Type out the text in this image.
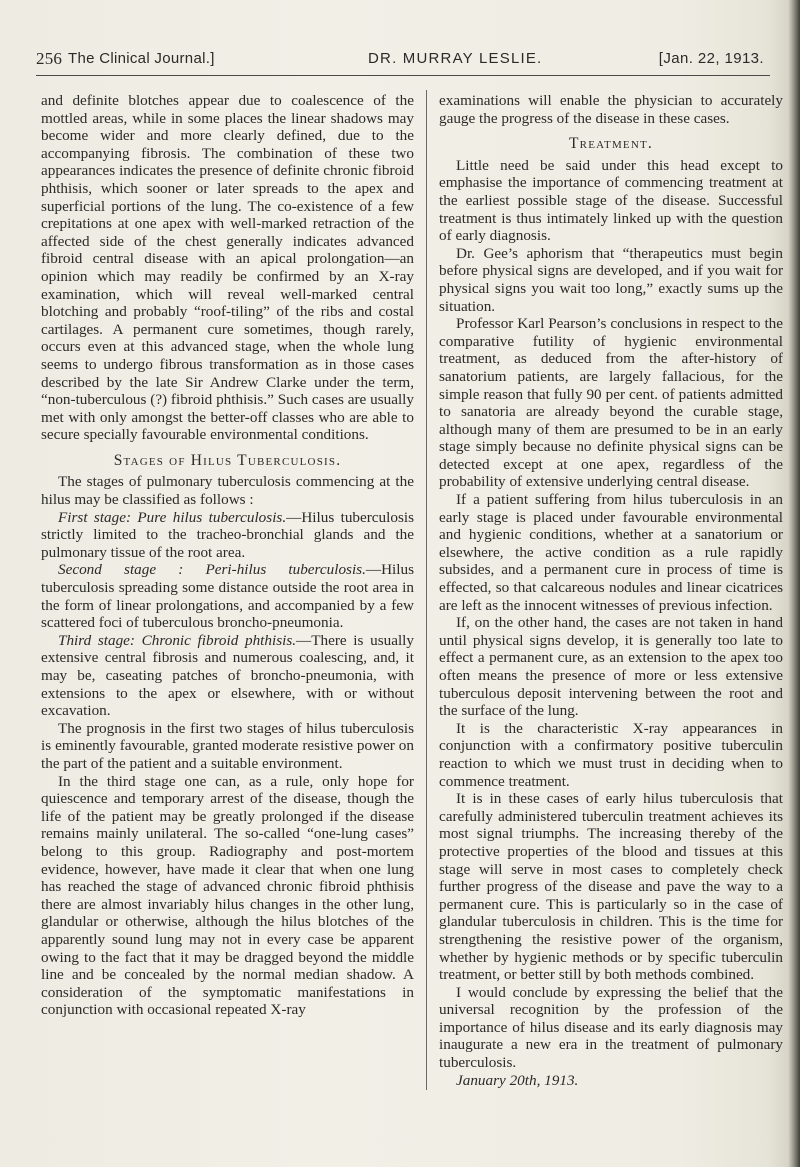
256 The Clinical Journal.]	DR. MURRAY LESLIE.	[Jan. 22, 1913.

and definite blotches appear due to coalescence of the mottled areas, while in some places the linear shadows may become wider and more clearly defined, due to the accompanying fibrosis. The combination of these two appearances indicates the presence of definite chronic fibroid phthisis, which sooner or later spreads to the apex and superficial portions of the lung. The co-existence of a few crepitations at one apex with well-marked retraction of the affected side of the chest generally indicates advanced fibroid central disease with an apical prolongation—an opinion which may readily be confirmed by an X-ray examination, which will reveal well-marked central blotching and probably “roof-tiling” of the ribs and costal cartilages. A permanent cure sometimes, though rarely, occurs even at this advanced stage, when the whole lung seems to undergo fibrous transformation as in those cases described by the late Sir Andrew Clarke under the term, “non-tuberculous (?) fibroid phthisis.” Such cases are usually met with only amongst the better-off classes who are able to secure specially favourable environmental conditions.

Stages of Hilus Tuberculosis.

The stages of pulmonary tuberculosis commencing at the hilus may be classified as follows :

First stage: Pure hilus tuberculosis.—Hilus tuberculosis strictly limited to the tracheo-bronchial glands and the pulmonary tissue of the root area.

Second stage : Peri-hilus tuberculosis.—Hilus tuberculosis spreading some distance outside the root area in the form of linear prolongations, and accompanied by a few scattered foci of tuberculous broncho-pneumonia.

Third stage: Chronic fibroid phthisis.—There is usually extensive central fibrosis and numerous coalescing, and, it may be, caseating patches of broncho-pneumonia, with extensions to the apex or elsewhere, with or without excavation.

The prognosis in the first two stages of hilus tuberculosis is eminently favourable, granted moderate resistive power on the part of the patient and a suitable environment.

In the third stage one can, as a rule, only hope for quiescence and temporary arrest of the disease, though the life of the patient may be greatly prolonged if the disease remains mainly unilateral. The so-called “one-lung cases” belong to this group. Radiography and post-mortem evidence, however, have made it clear that when one lung has reached the stage of advanced chronic fibroid phthisis there are almost invariably hilus changes in the other lung, glandular or otherwise, although the hilus blotches of the apparently sound lung may not in every case be apparent owing to the fact that it may be dragged beyond the middle line and be concealed by the normal median shadow. A consideration of the symptomatic manifestations in conjunction with occasional repeated X-ray

examinations will enable the physician to accurately gauge the progress of the disease in these cases.

Treatment.

Little need be said under this head except to emphasise the importance of commencing treatment at the earliest possible stage of the disease. Successful treatment is thus intimately linked up with the question of early diagnosis.

Dr. Gee’s aphorism that “therapeutics must begin before physical signs are developed, and if you wait for physical signs you wait too long,” exactly sums up the situation.

Professor Karl Pearson’s conclusions in respect to the comparative futility of hygienic environmental treatment, as deduced from the after-history of sanatorium patients, are largely fallacious, for the simple reason that fully 90 per cent. of patients admitted to sanatoria are already beyond the curable stage, although many of them are presumed to be in an early stage simply because no definite physical signs can be detected except at one apex, regardless of the probability of extensive underlying central disease.

If a patient suffering from hilus tuberculosis in an early stage is placed under favourable environmental and hygienic conditions, whether at a sanatorium or elsewhere, the active condition as a rule rapidly subsides, and a permanent cure in process of time is effected, so that calcareous nodules and linear cicatrices are left as the innocent witnesses of previous infection.

If, on the other hand, the cases are not taken in hand until physical signs develop, it is generally too late to effect a permanent cure, as an extension to the apex too often means the presence of more or less extensive tuberculous deposit intervening between the root and the surface of the lung.

It is the characteristic X-ray appearances in conjunction with a confirmatory positive tuberculin reaction to which we must trust in deciding when to commence treatment.

It is in these cases of early hilus tuberculosis that carefully administered tuberculin treatment achieves its most signal triumphs. The increasing thereby of the protective properties of the blood and tissues at this stage will serve in most cases to completely check further progress of the disease and pave the way to a permanent cure. This is particularly so in the case of glandular tuberculosis in children. This is the time for strengthening the resistive power of the organism, whether by hygienic methods or by specific tuberculin treatment, or better still by both methods combined.

I would conclude by expressing the belief that the universal recognition by the profession of the importance of hilus disease and its early diagnosis may inaugurate a new era in the treatment of pulmonary tuberculosis.

January 20th, 1913.
